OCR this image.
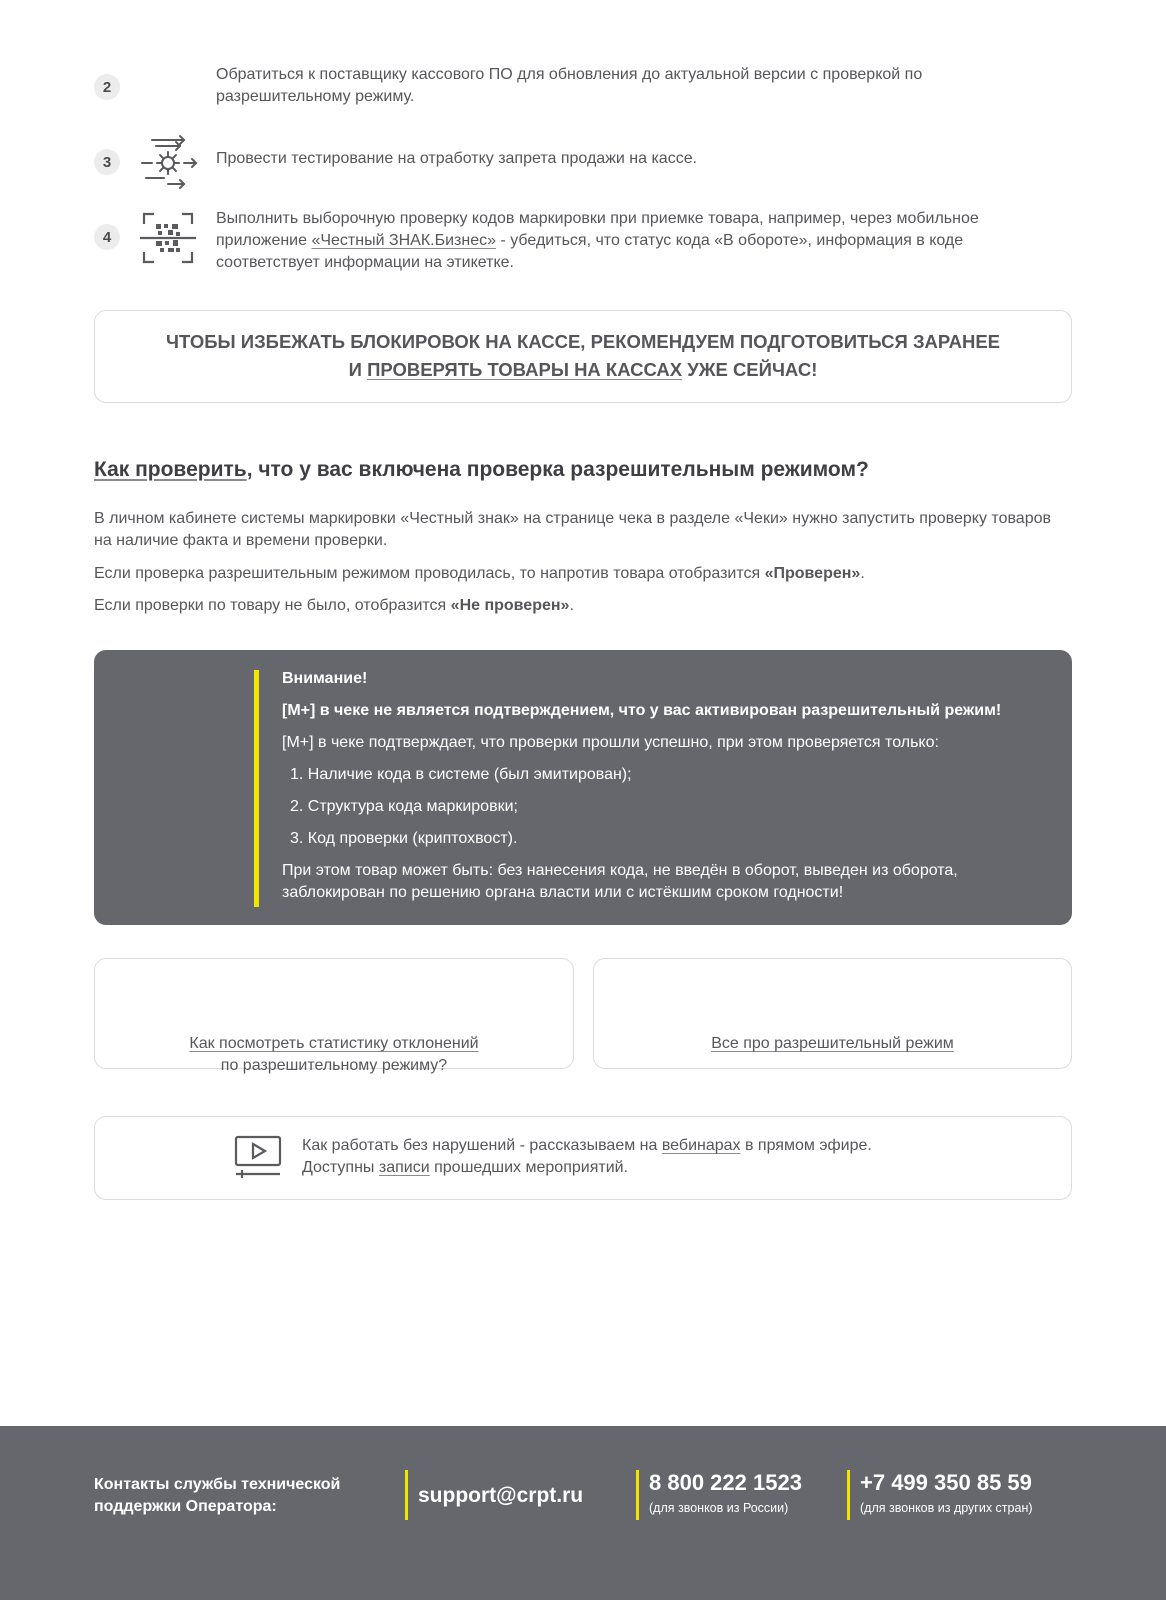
2
Обратиться к поставщику кассового ПО для обновления до актуальной версии с проверкой по разрешительному режиму.
3	Провести тестирование на отработку запрета продажи на кассе.
4
Выполнить выборочную проверку кодов маркировки при приемке товара, например, через мобильное приложение «Честный ЗНАК.Бизнес» - убедиться, что статус кода «В обороте», информация в коде соответствует информации на этикетке.
ЧТОБЫ ИЗБЕЖАТЬ БЛОКИРОВОК НА КАССЕ, РЕКОМЕНДУЕМ ПОДГОТОВИТЬСЯ ЗАРАНЕЕ
И ПРОВЕРЯТЬ ТОВАРЫ НА КАССАХ УЖЕ СЕЙЧАС!
Как проверить, что у вас включена проверка разрешительным режимом?
В личном кабинете системы маркировки «Честный знак» на странице чека в разделе «Чеки» нужно запустить проверку товаров на наличие факта и времени проверки.
Если проверка разрешительным режимом проводилась, то напротив товара отобразится «Проверен».
Если проверки по товару не было, отобразится «Не проверен».
Внимание!
[М+] в чеке не является подтверждением, что у вас активирован разрешительный режим!
[М+] в чеке подтверждает, что проверки прошли успешно, при этом проверяется только:
1. Наличие кода в системе (был эмитирован);
2. Структура кода маркировки;
3. Код проверки (криптохвост).
При этом товар может быть: без нанесения кода, не введён в оборот, выведен из оборота, заблокирован по решению органа власти или с истёкшим сроком годности!
Как посмотреть статистику отклонений
по разрешительному режиму?
Все про разрешительный режим
Как работать без нарушений - рассказываем на вебинарах в прямом эфире.
Доступны записи прошедших мероприятий.
Контакты службы технической
поддержки Оператора:	support@crpt.ru
8 800 222 1523
(для звонков из России)
+7 499 350 85 59
(для звонков из других стран)
